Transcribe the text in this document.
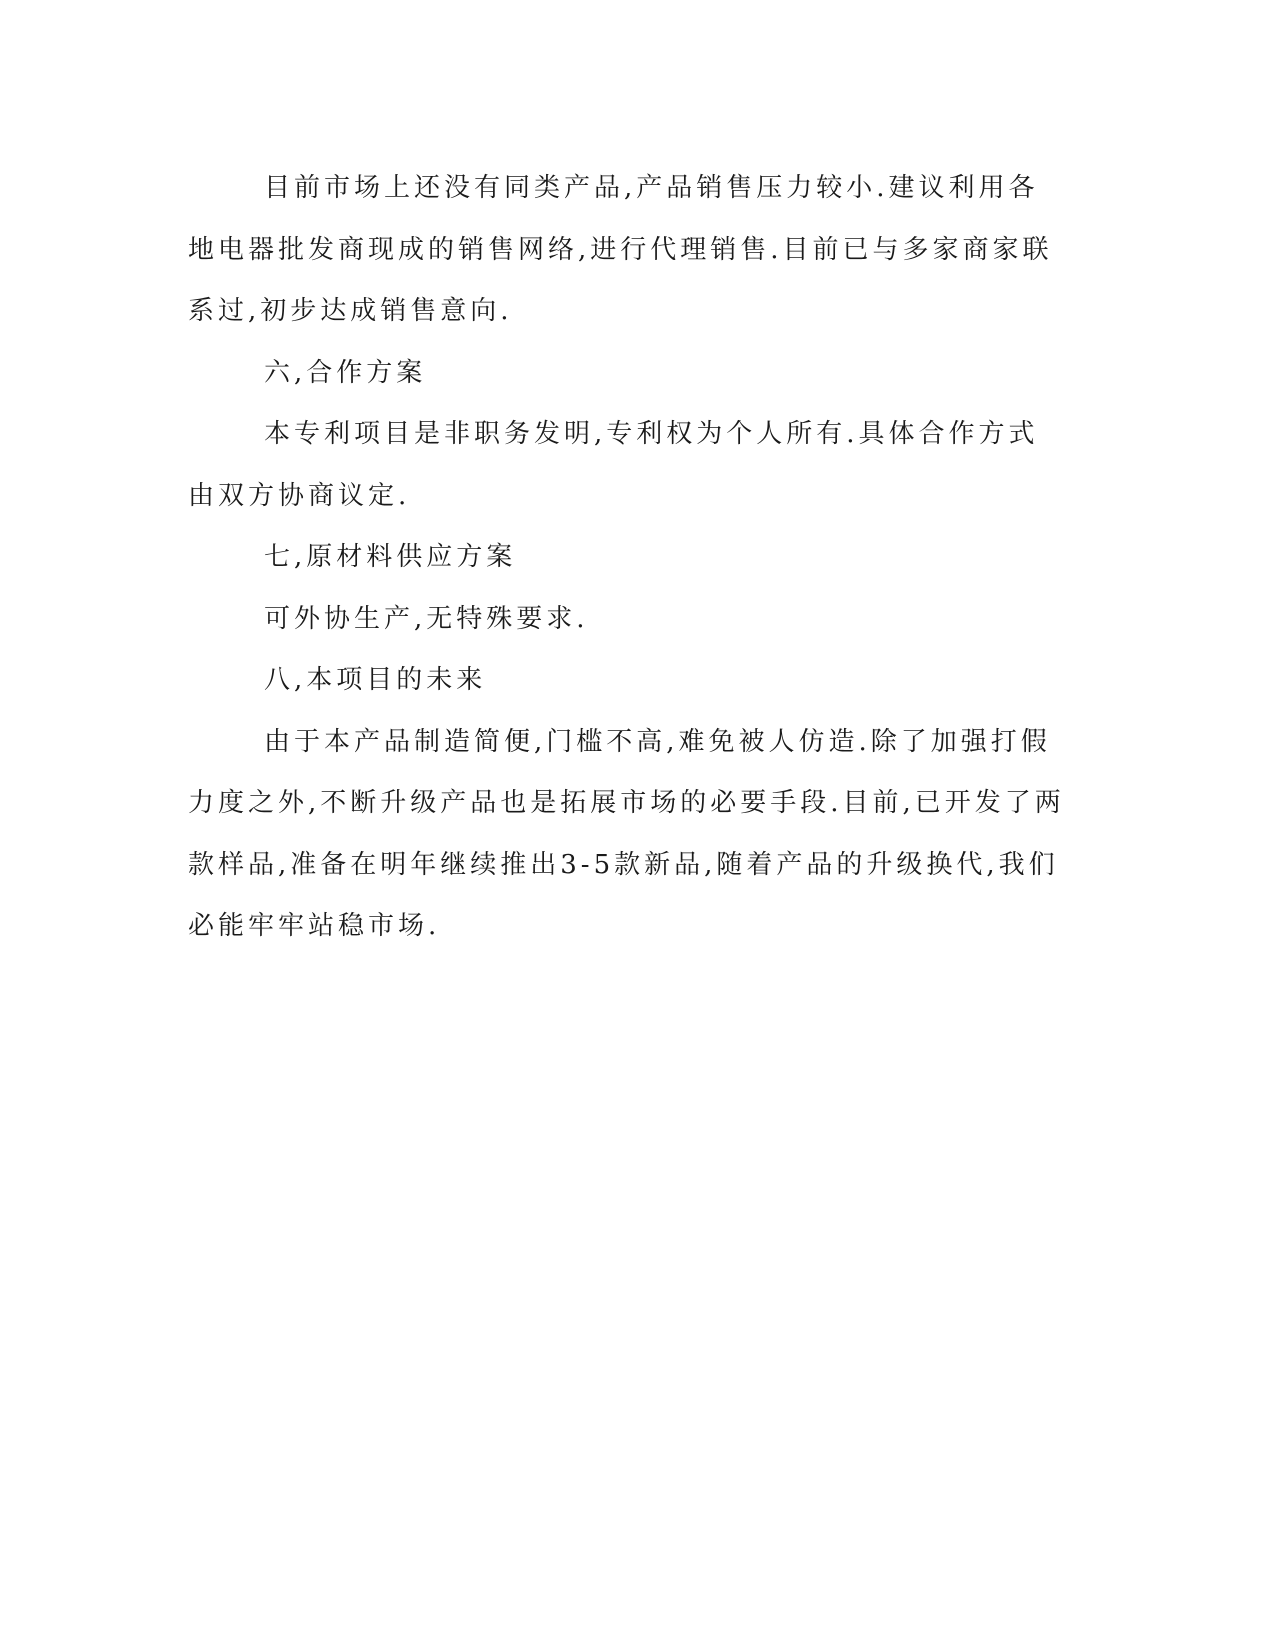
目前市场上还没有同类产品,产品销售压力较小.建议利用各地电器批发商现成的销售网络,进行代理销售.目前已与多家商家联系过,初步达成销售意向.

六,合作方案

本专利项目是非职务发明,专利权为个人所有.具体合作方式由双方协商议定.

七,原材料供应方案

可外协生产,无特殊要求.

八,本项目的未来

由于本产品制造简便,门槛不高,难免被人仿造.除了加强打假力度之外,不断升级产品也是拓展市场的必要手段.目前,已开发了两款样品,准备在明年继续推出3-5款新品,随着产品的升级换代,我们必能牢牢站稳市场.
